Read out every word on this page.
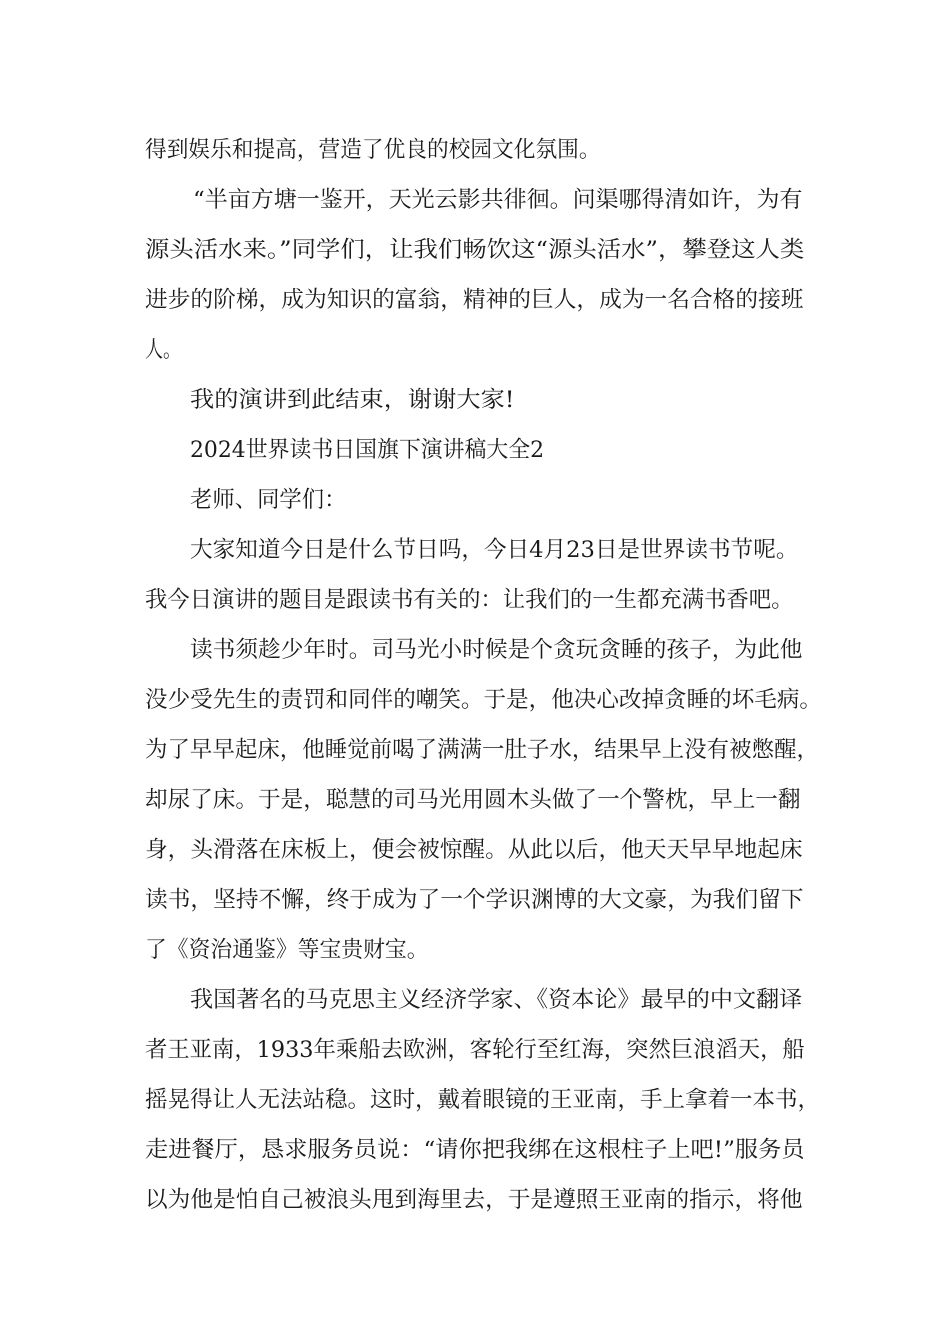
得到娱乐和提高，营造了优良的校园文化氛围。
“半亩方塘一鉴开，天光云影共徘徊。问渠哪得清如许，为有
源头活水来。”同学们，让我们畅饮这“源头活水”，攀登这人类
进步的阶梯，成为知识的富翁，精神的巨人，成为一名合格的接班
人。
我的演讲到此结束，谢谢大家!
2024世界读书日国旗下演讲稿大全2
老师、同学们：
大家知道今日是什么节日吗，今日4月23日是世界读书节呢。
我今日演讲的题目是跟读书有关的：让我们的一生都充满书香吧。
读书须趁少年时。司马光小时候是个贪玩贪睡的孩子，为此他
没少受先生的责罚和同伴的嘲笑。于是，他决心改掉贪睡的坏毛病。
为了早早起床，他睡觉前喝了满满一肚子水，结果早上没有被憋醒，
却尿了床。于是，聪慧的司马光用圆木头做了一个警枕，早上一翻
身，头滑落在床板上，便会被惊醒。从此以后，他天天早早地起床
读书，坚持不懈，终于成为了一个学识渊博的大文豪，为我们留下
了《资治通鉴》等宝贵财宝。
我国著名的马克思主义经济学家、《资本论》最早的中文翻译
者王亚南，1933年乘船去欧洲，客轮行至红海，突然巨浪滔天，船
摇晃得让人无法站稳。这时，戴着眼镜的王亚南，手上拿着一本书，
走进餐厅，恳求服务员说：“请你把我绑在这根柱子上吧!”服务员
以为他是怕自己被浪头甩到海里去，于是遵照王亚南的指示，将他
